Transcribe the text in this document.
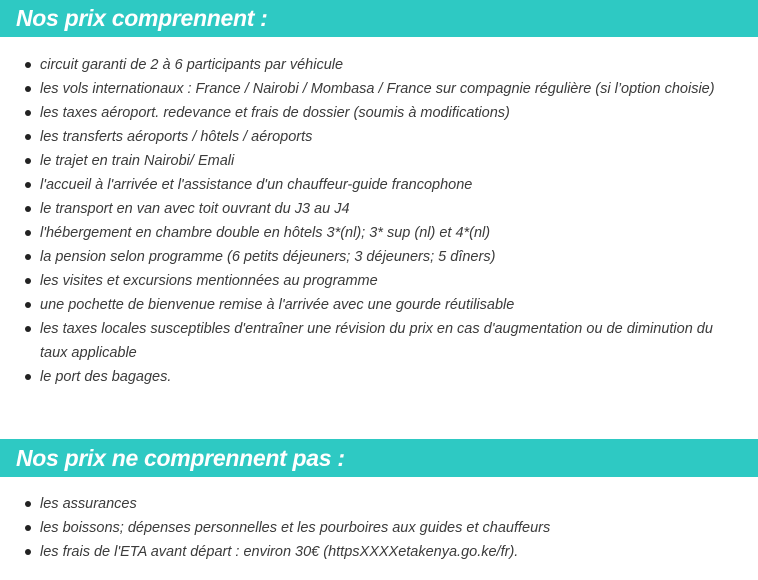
Nos prix comprennent :
circuit garanti de 2 à 6 participants par véhicule
les vols internationaux : France / Nairobi / Mombasa / France sur compagnie régulière (si l’option choisie)
les taxes aéroport. redevance et frais de dossier (soumis à modifications)
les transferts aéroports / hôtels / aéroports
le trajet en train Nairobi/ Emali
l'accueil à l'arrivée et l'assistance d'un chauffeur-guide francophone
le transport en van avec toit ouvrant du J3 au J4
l'hébergement en chambre double en hôtels 3*(nl); 3* sup (nl) et 4*(nl)
la pension selon programme (6 petits déjeuners; 3 déjeuners; 5 dîners)
les visites et excursions mentionnées au programme
une pochette de bienvenue remise à l'arrivée avec une gourde réutilisable
les taxes locales susceptibles d'entraîner une révision du prix en cas d'augmentation ou de diminution du taux applicable
le port des bagages.
Nos prix ne comprennent pas :
les assurances
les boissons; dépenses personnelles et les pourboires aux guides et chauffeurs
les frais de l'ETA avant départ : environ 30€ (httpsXXXXetakenya.go.ke/fr).
